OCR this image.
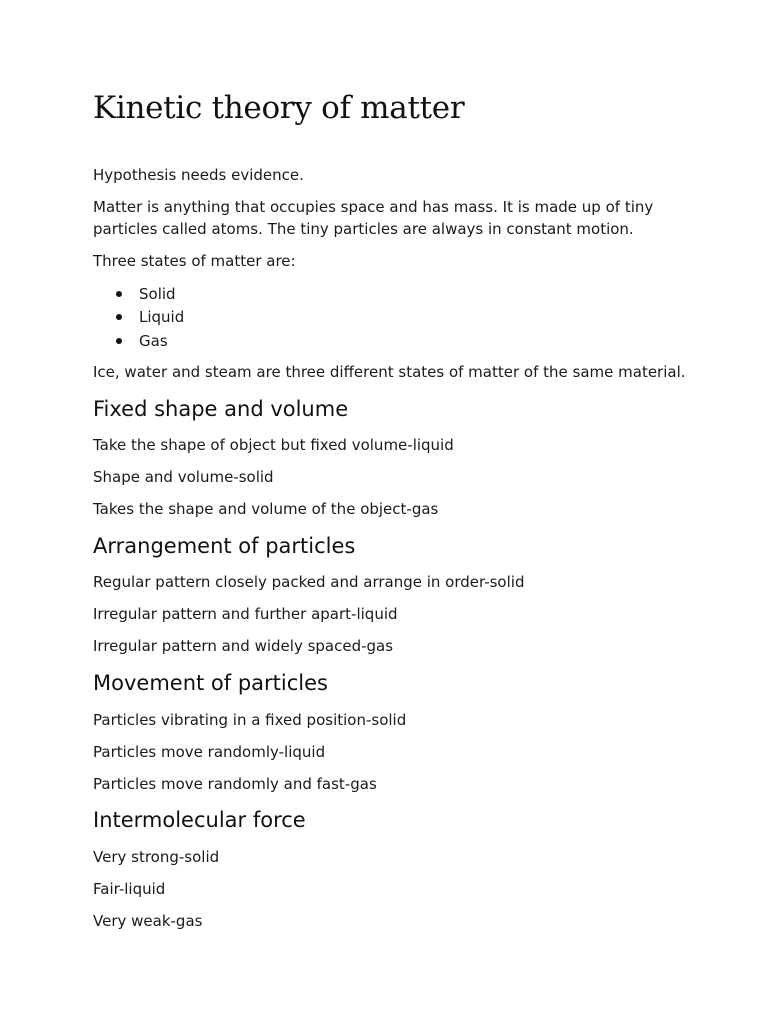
Kinetic theory of matter

Hypothesis needs evidence.

Matter is anything that occupies space and has mass. It is made up of tiny

particles called atoms. The tiny particles are always in constant motion.

Three states of matter are:

Solid
Liquid
Gas

Ice, water and steam are three different states of matter of the same material.

Fixed shape and volume

Take the shape of object but fixed volume-liquid

Shape and volume-solid

Takes the shape and volume of the object-gas

Arrangement of particles

Regular pattern closely packed and arrange in order-solid

Irregular pattern and further apart-liquid

Irregular pattern and widely spaced-gas

Movement of particles

Particles vibrating in a fixed position-solid

Particles move randomly-liquid

Particles move randomly and fast-gas

Intermolecular force

Very strong-solid

Fair-liquid

Very weak-gas
